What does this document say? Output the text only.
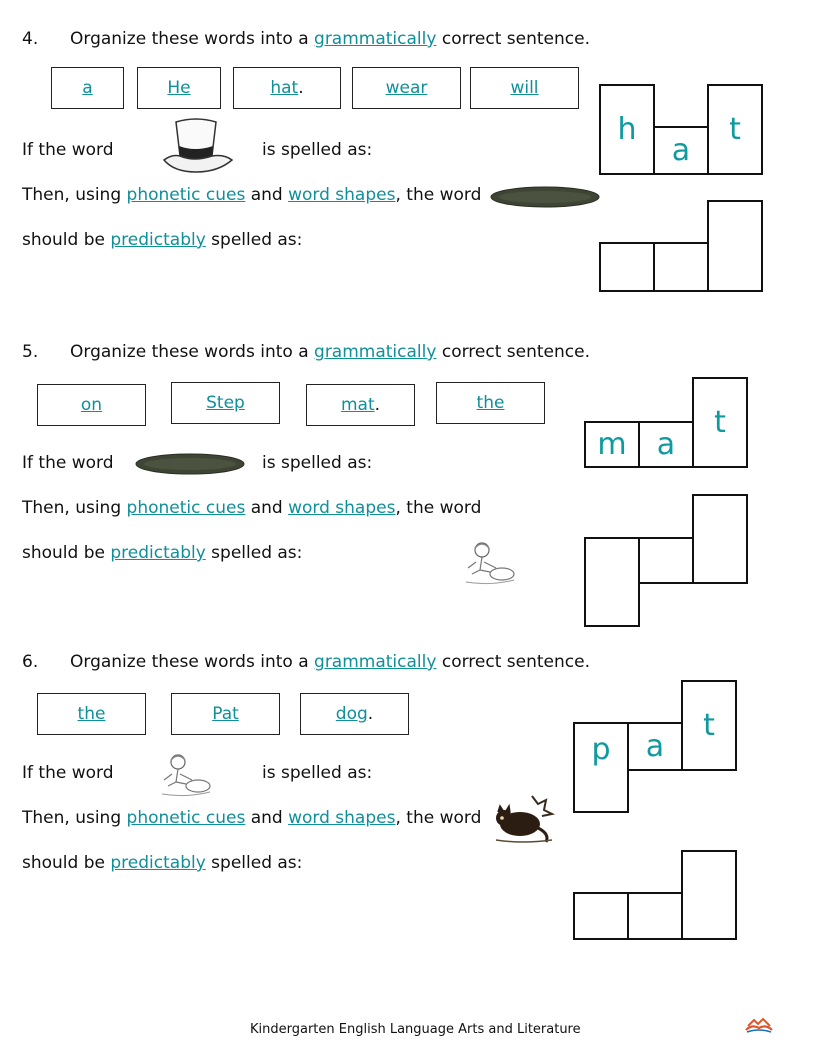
4. Organize these words into a grammatically correct sentence.
a	He	hat .	wear	will
If the word	is spelled as:
Then, using phonetic cues and word shapes, the word
should be predictably spelled as:
h
a
t
5. Organize these words into a grammatically correct sentence.
on	Step	mat .	the
If the word	is spelled as:
Then, using phonetic cues and word shapes, the word
should be predictably spelled as:
m	a
t
6. Organize these words into a grammatically correct sentence.
the	Pat	dog .
If the word	is spelled as:
Then, using phonetic cues and word shapes, the word
should be predictably spelled as:
p	a
t
Kindergarten English Language Arts and Literature
